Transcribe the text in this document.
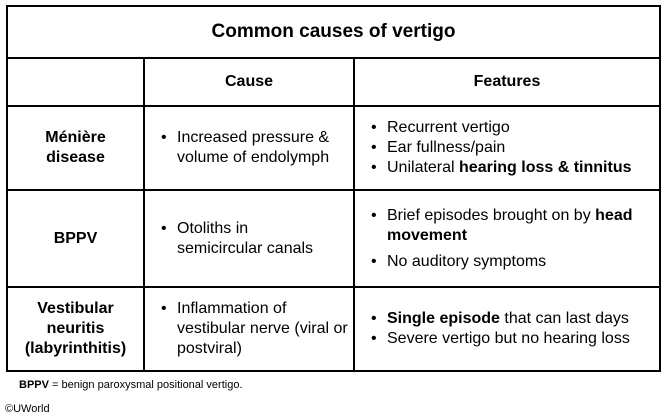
Common causes of vertigo
Cause	Features
Ménière
disease
• Increased pressure & volume of endolymph
• Recurrent vertigo
• Ear fullness/pain
• Unilateral hearing loss & tinnitus
BPPV
• Otoliths in semicircular canals
• Brief episodes brought on by head movement
• No auditory symptoms
Vestibular
neuritis
(labyrinthitis)
• Inflammation of vestibular nerve (viral or postviral)
• Single episode that can last days
• Severe vertigo but no hearing loss
BPPV = benign paroxysmal positional vertigo.
©UWorld
